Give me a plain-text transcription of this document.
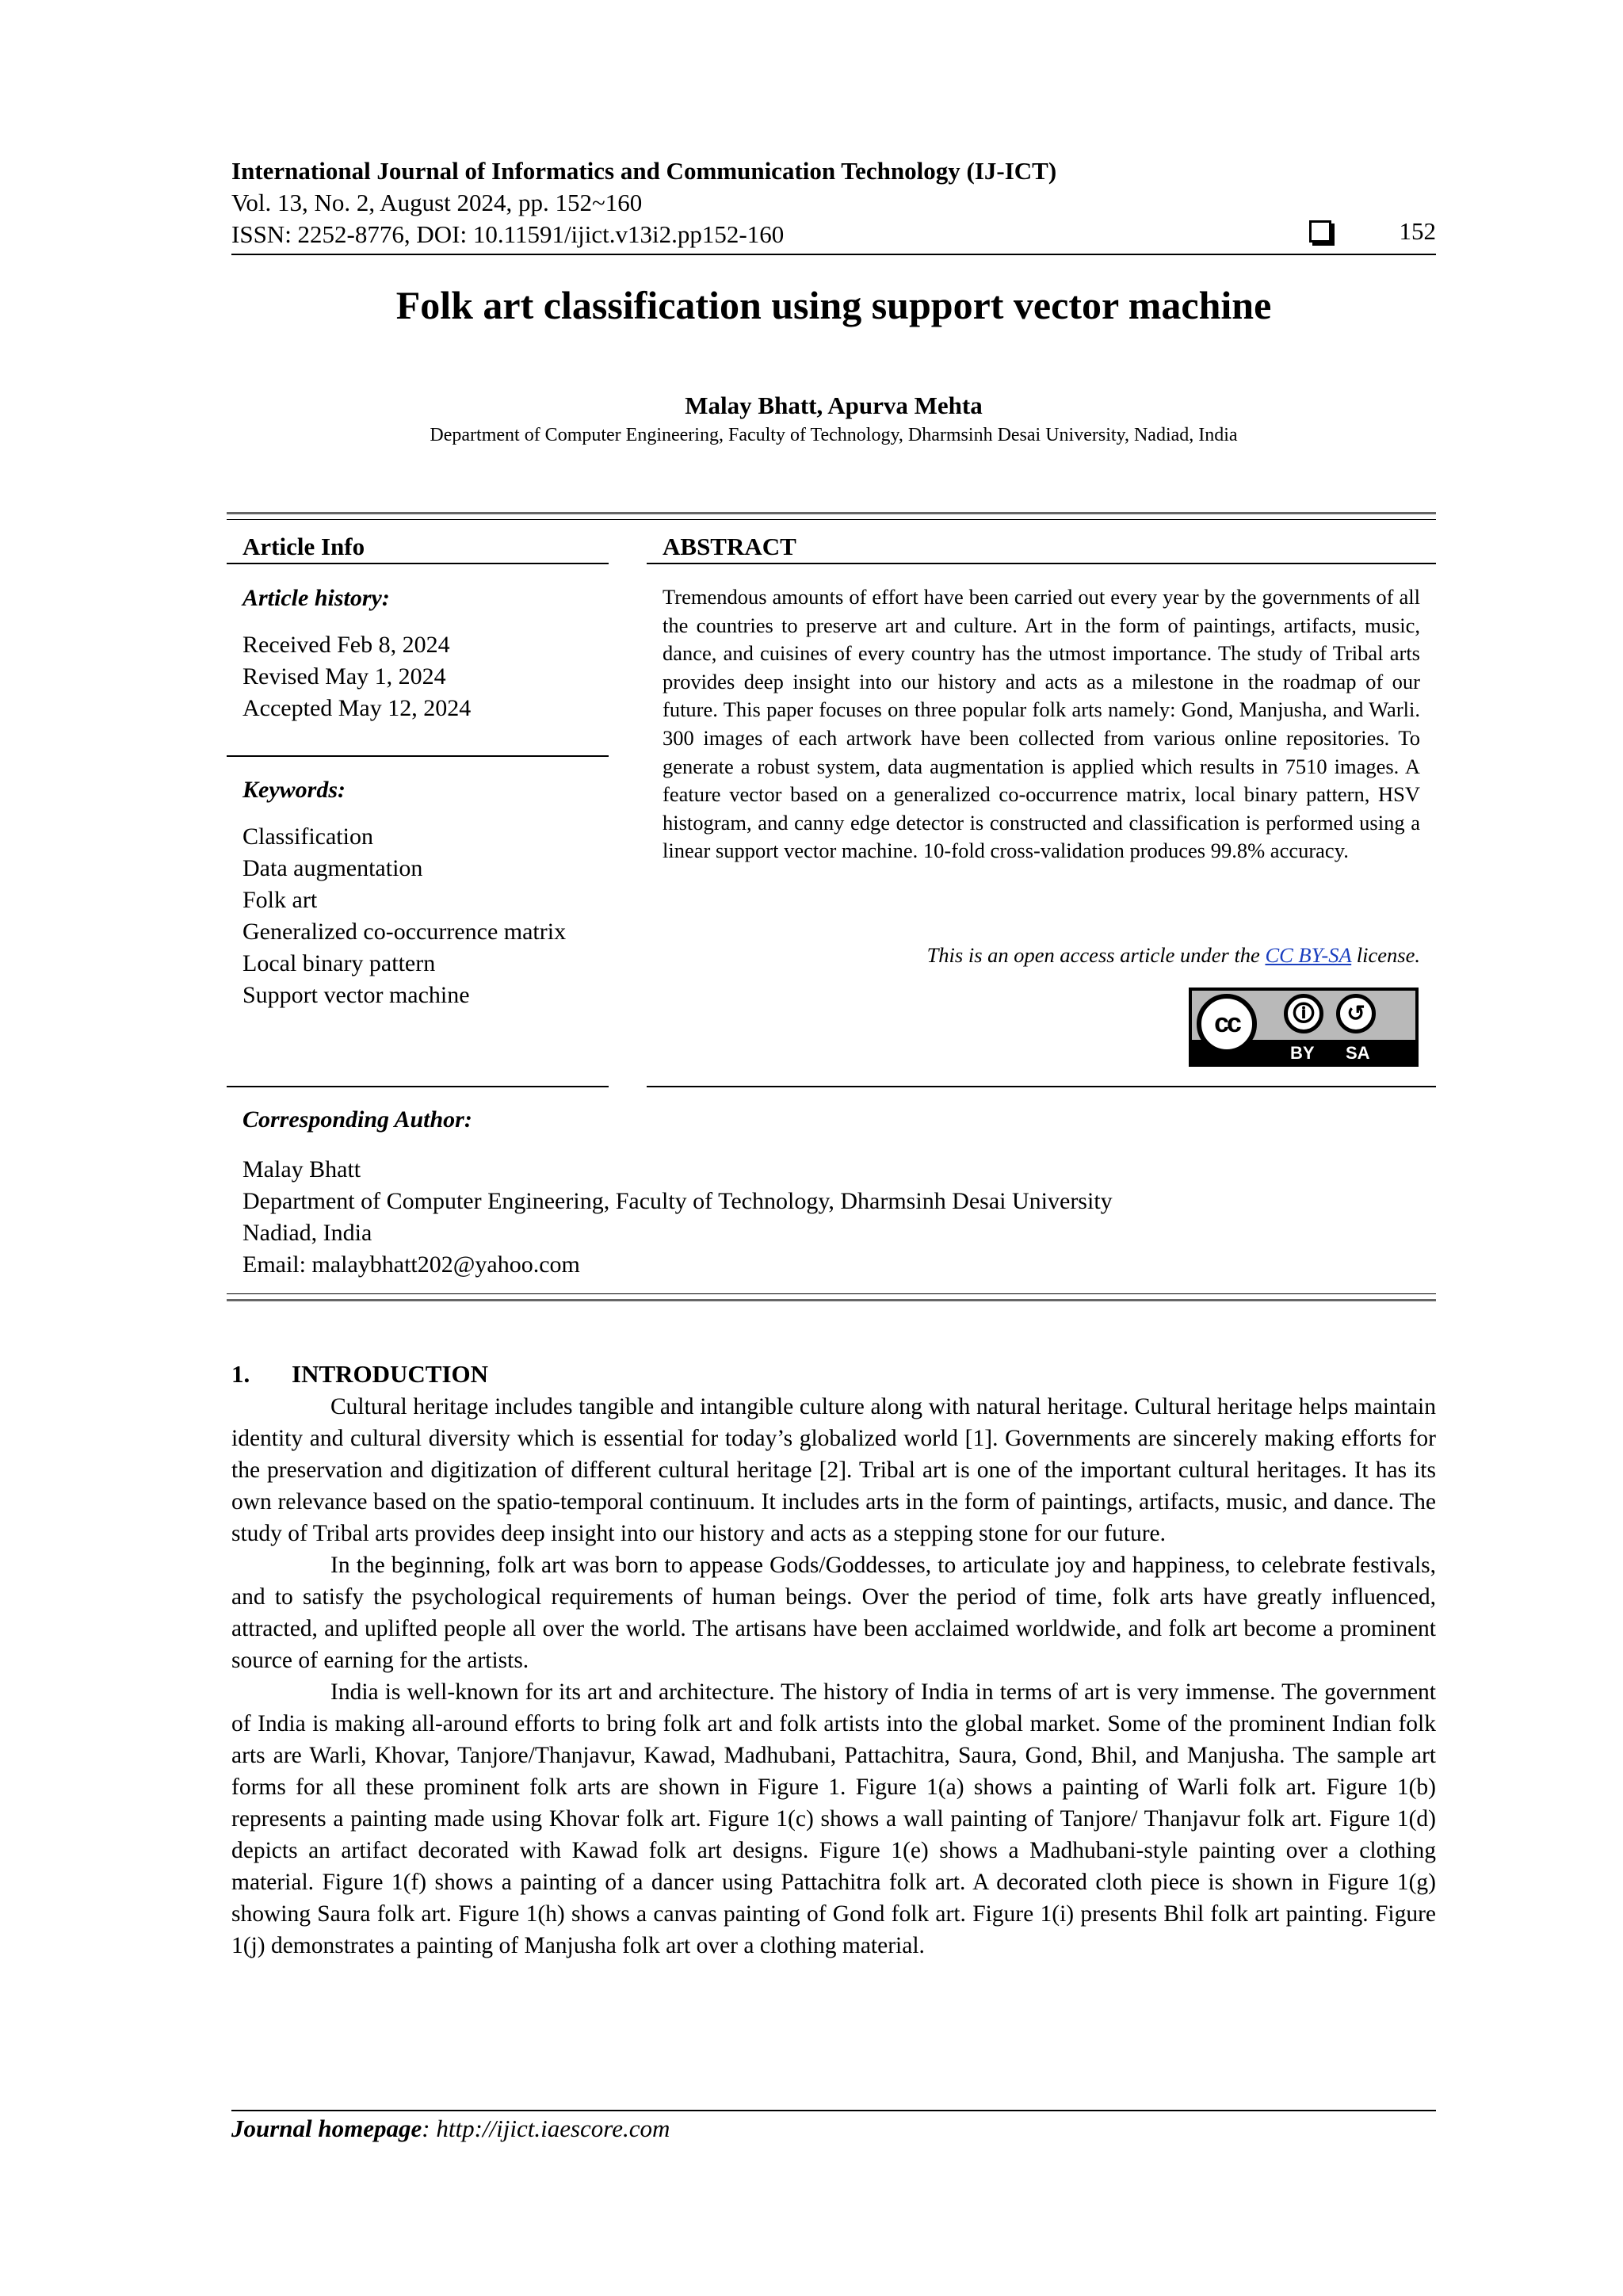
International Journal of Informatics and Communication Technology (IJ-ICT)
Vol. 13, No. 2, August 2024, pp. 152~160
ISSN: 2252-8776, DOI: 10.11591/ijict.v13i2.pp152-160	152
Folk art classification using support vector machine
Malay Bhatt, Apurva Mehta
Department of Computer Engineering, Faculty of Technology, Dharmsinh Desai University, Nadiad, India
Article Info	ABSTRACT
Article history:
Received Feb 8, 2024
Revised May 1, 2024
Accepted May 12, 2024
Keywords:
Classification
Data augmentation
Folk art
Generalized co-occurrence matrix
Local binary pattern
Support vector machine
Tremendous amounts of effort have been carried out every year by the governments of all the countries to preserve art and culture. Art in the form of paintings, artifacts, music, dance, and cuisines of every country has the utmost importance. The study of Tribal arts provides deep insight into our history and acts as a milestone in the roadmap of our future. This paper focuses on three popular folk arts namely: Gond, Manjusha, and Warli. 300 images of each artwork have been collected from various online repositories. To generate a robust system, data augmentation is applied which results in 7510 images. A feature vector based on a generalized co-occurrence matrix, local binary pattern, HSV histogram, and canny edge detector is constructed and classification is performed using a linear support vector machine. 10-fold cross-validation produces 99.8% accuracy.
This is an open access article under the CC BY-SA license.
cc	🛈	↺
BY SA
Corresponding Author:
Malay Bhatt
Department of Computer Engineering, Faculty of Technology, Dharmsinh Desai University
Nadiad, India
Email: malaybhatt202@yahoo.com
1. INTRODUCTION

Cultural heritage includes tangible and intangible culture along with natural heritage. Cultural heritage helps maintain identity and cultural diversity which is essential for today’s globalized world [1]. Governments are sincerely making efforts for the preservation and digitization of different cultural heritage [2]. Tribal art is one of the important cultural heritages. It has its own relevance based on the spatio-temporal continuum. It includes arts in the form of paintings, artifacts, music, and dance. The study of Tribal arts provides deep insight into our history and acts as a stepping stone for our future.

In the beginning, folk art was born to appease Gods/Goddesses, to articulate joy and happiness, to celebrate festivals, and to satisfy the psychological requirements of human beings. Over the period of time, folk arts have greatly influenced, attracted, and uplifted people all over the world. The artisans have been acclaimed worldwide, and folk art become a prominent source of earning for the artists.

India is well-known for its art and architecture. The history of India in terms of art is very immense. The government of India is making all-around efforts to bring folk art and folk artists into the global market. Some of the prominent Indian folk arts are Warli, Khovar, Tanjore/Thanjavur, Kawad, Madhubani, Pattachitra, Saura, Gond, Bhil, and Manjusha. The sample art forms for all these prominent folk arts are shown in Figure 1. Figure 1(a) shows a painting of Warli folk art. Figure 1(b) represents a painting made using Khovar folk art. Figure 1(c) shows a wall painting of Tanjore/ Thanjavur folk art. Figure 1(d) depicts an artifact decorated with Kawad folk art designs. Figure 1(e) shows a Madhubani-style painting over a clothing material. Figure 1(f) shows a painting of a dancer using Pattachitra folk art. A decorated cloth piece is shown in Figure 1(g) showing Saura folk art. Figure 1(h) shows a canvas painting of Gond folk art. Figure 1(i) presents Bhil folk art painting. Figure 1(j) demonstrates a painting of Manjusha folk art over a clothing material.

Journal homepage: http://ijict.iaescore.com
